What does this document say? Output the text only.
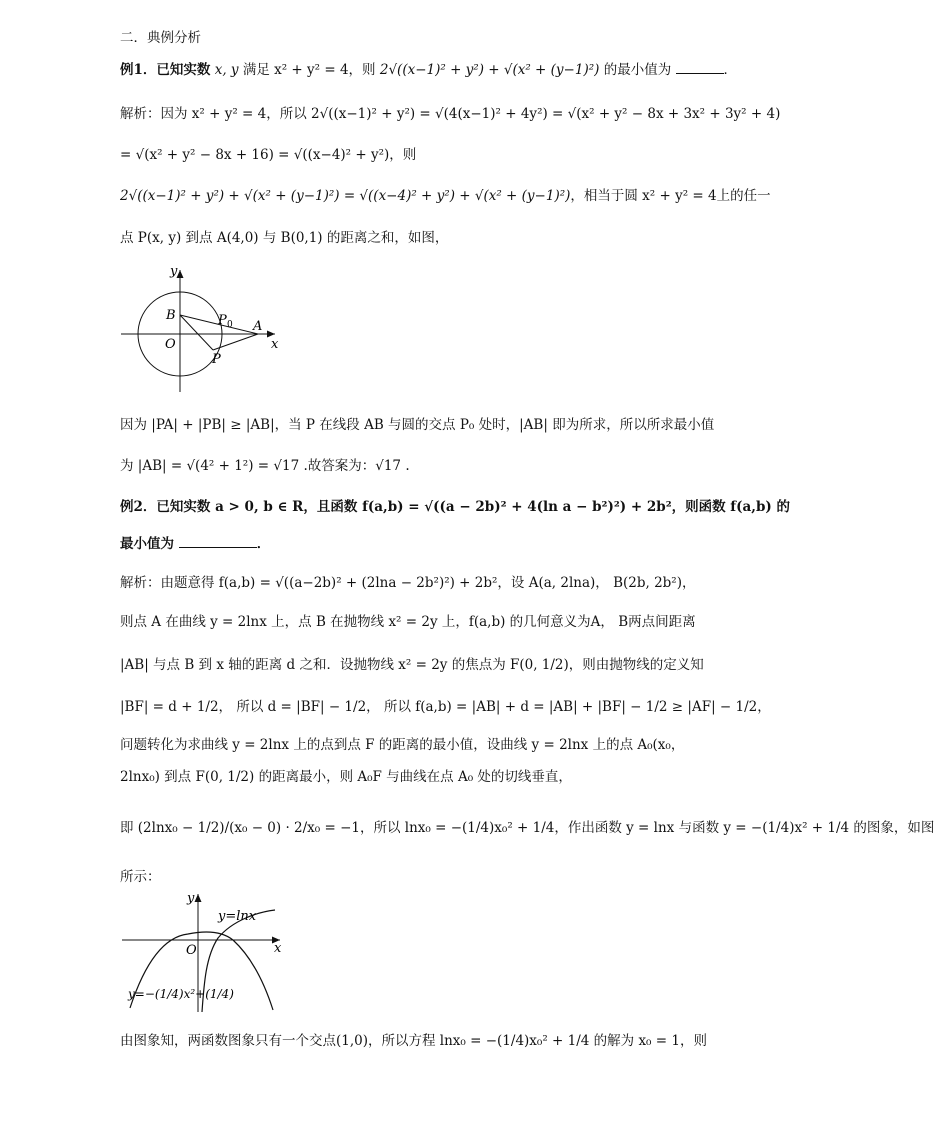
二．典例分析
例1．已知实数 x, y 满足 x² + y² = 4，则 2√((x−1)² + y²) + √(x² + (y−1)²) 的最小值为	．
解析：因为 x² + y² = 4，所以 2√((x−1)² + y²) = √(4(x−1)² + 4y²) = √(x² + y² − 8x + 3x² + 3y² + 4)
= √(x² + y² − 8x + 16) = √((x−4)² + y²)，则
2√((x−1)² + y²) + √(x² + (y−1)²) = √((x−4)² + y²) + √(x² + (y−1)²)，相当于圆 x² + y² = 4上的任一
点 P(x, y) 到点 A(4,0) 与 B(0,1) 的距离之和，如图，
y
x
O
B
A
P 0
P
因为 |PA| + |PB| ≥ |AB|，当 P 在线段 AB 与圆的交点 P₀ 处时，|AB| 即为所求，所以所求最小值
为 |AB| = √(4² + 1²) = √17 .故答案为：√17 .
例2．已知实数 a > 0, b ∈ R，且函数 f(a,b) = √((a − 2b)² + 4(ln a − b²)²) + 2b²，则函数 f(a,b) 的
最小值为	．
解析：由题意得 f(a,b) = √((a−2b)² + (2lna − 2b²)²) + 2b²，设 A(a, 2lna)， B(2b, 2b²)，
则点 A 在曲线 y = 2lnx 上，点 B 在抛物线 x² = 2y 上，f(a,b) 的几何意义为A， B两点间距离
|AB| 与点 B 到 x 轴的距离 d 之和．设抛物线 x² = 2y 的焦点为 F(0, 1/2)，则由抛物线的定义知
|BF| = d + 1/2， 所以 d = |BF| − 1/2， 所以 f(a,b) = |AB| + d = |AB| + |BF| − 1/2 ≥ |AF| − 1/2，
问题转化为求曲线 y = 2lnx 上的点到点 F 的距离的最小值，设曲线 y = 2lnx 上的点 A₀(x₀，
2lnx₀) 到点 F(0, 1/2) 的距离最小，则 A₀F 与曲线在点 A₀ 处的切线垂直，
即 (2lnx₀ − 1/2)/(x₀ − 0) · 2/x₀ = −1，所以 lnx₀ = −(1/4)x₀² + 1/4，作出函数 y = lnx 与函数 y = −(1/4)x² + 1/4 的图象，如图
所示：
y
x
O
y=lnx
y=−(1/4)x²+(1/4)
由图象知，两函数图象只有一个交点(1,0)，所以方程 lnx₀ = −(1/4)x₀² + 1/4 的解为 x₀ = 1，则
